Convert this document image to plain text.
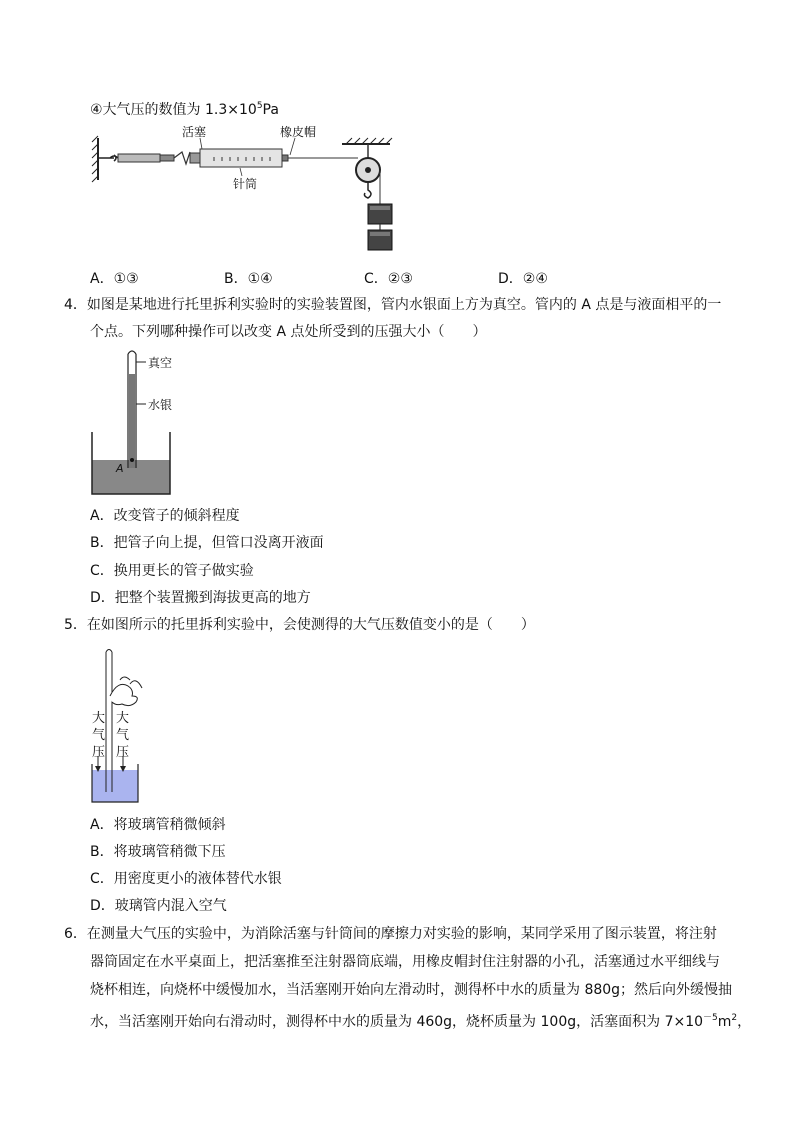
④大气压的数值为 $1.3\times 10^5Pa$
活塞	橡皮帽
针筒
A．①③	B．①④	C．②③	D．②④
4．如图是某地进行托里拆利实验时的实验装置图，管内水银面上方为真空。管内的 A 点是与液面相平的一
个点。下列哪种操作可以改变 A 点处所受到的压强大小（　　）
真空
水银
A
A．改变管子的倾斜程度
B．把管子向上提，但管口没离开液面
C．换用更长的管子做实验
D．把整个装置搬到海拔更高的地方
5．在如图所示的托里拆利实验中，会使测得的大气压数值变小的是（　　）
大
气
压
大
气
压
A．将玻璃管稍微倾斜
B．将玻璃管稍微下压
C．用密度更小的液体替代水银
D．玻璃管内混入空气
6．在测量大气压的实验中，为消除活塞与针筒间的摩擦力对实验的影响，某同学采用了图示装置，将注射
器筒固定在水平桌面上，把活塞推至注射器筒底端，用橡皮帽封住注射器的小孔，活塞通过水平细线与
烧杯相连，向烧杯中缓慢加水，当活塞刚开始向左滑动时，测得杯中水的质量为 880g；然后向外缓慢抽
水，当活塞刚开始向右滑动时，测得杯中水的质量为 460g，烧杯质量为 100g，活塞面积为 $7\times 10^{-5}m^2$，
